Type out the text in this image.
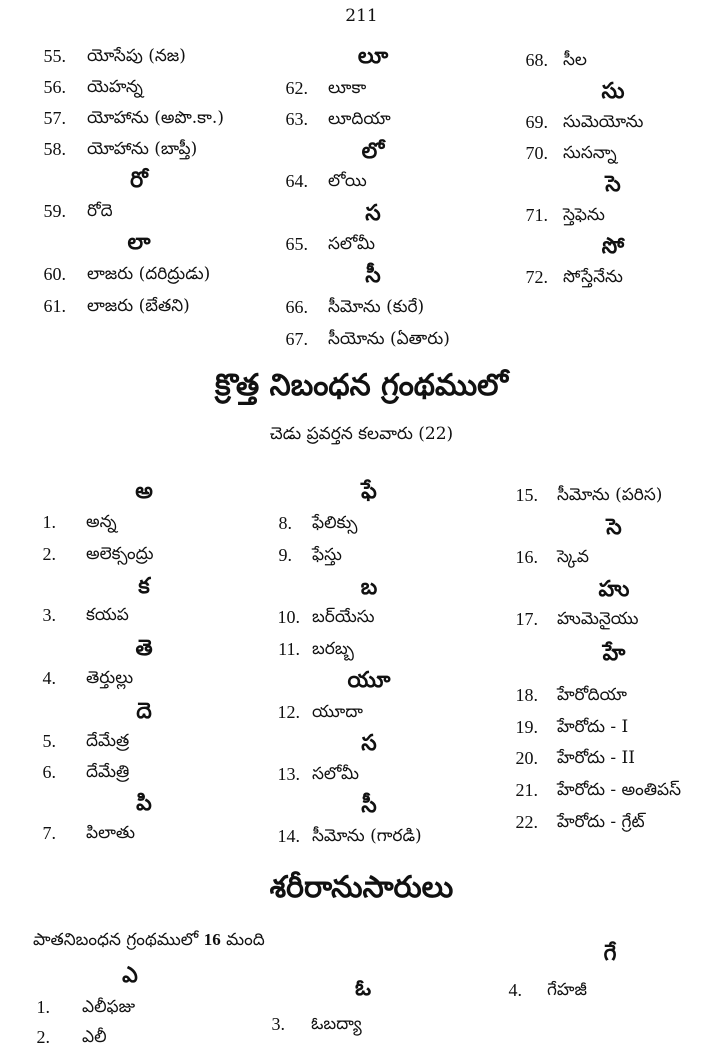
211
55. యోసేపు (నజ)
56. యెహన్న
57. యోహాను (అపొ.కా.)
58. యోహాను (బాప్తీ)
రో
59. రోదె
లా
60. లాజరు (దరిద్రుడు)
61. లాజరు (బేతని)
లూ
62. లూకా
63. లూదియా
లో
64. లోయి
స
65. సలోమీ
సీ
66. సీమోను (కురే)
67. సీయోను (ఏతారు)
68. సీల
సు
69. సుమెయోను
70. సుసన్నా
సె
71. స్తెఫెను
సో
72. సోస్తేనేను
క్రొత్త నిబంధన గ్రంథములో
చెడు ప్రవర్తన కలవారు (22)
అ
1. అన్న
2. అలెక్సంద్రు
క
3. కయప
తె
4. తెర్తుల్లు
దె
5. దేమేత్ర
6. దేమేత్రి
పి
7. పిలాతు
ఫే
8. ఫేలిక్సు
9. ఫేస్తు
బ
10. బర్‌యేసు
11. బరబ్బ
యూ
12. యూదా
స
13. సలోమీ
సీ
14. సీమోను (గారడి)
15. సీమోను (పరిస)
సె
16. స్కెవ
హు
17. హుమెనైయు
హే
18. హేరోదియా
19. హేరోదు - I
20. హేరోదు - II
21. హేరోదు - అంతిపస్
22. హేరోదు - గ్రేట్
శరీరానుసారులు
పాతనిబంధన గ్రంథములో 16 మంది
ఎ
1. ఎలీఫజు
2. ఎలీ
ఓ
3. ఓబద్యా
గే
4. గేహజీ
